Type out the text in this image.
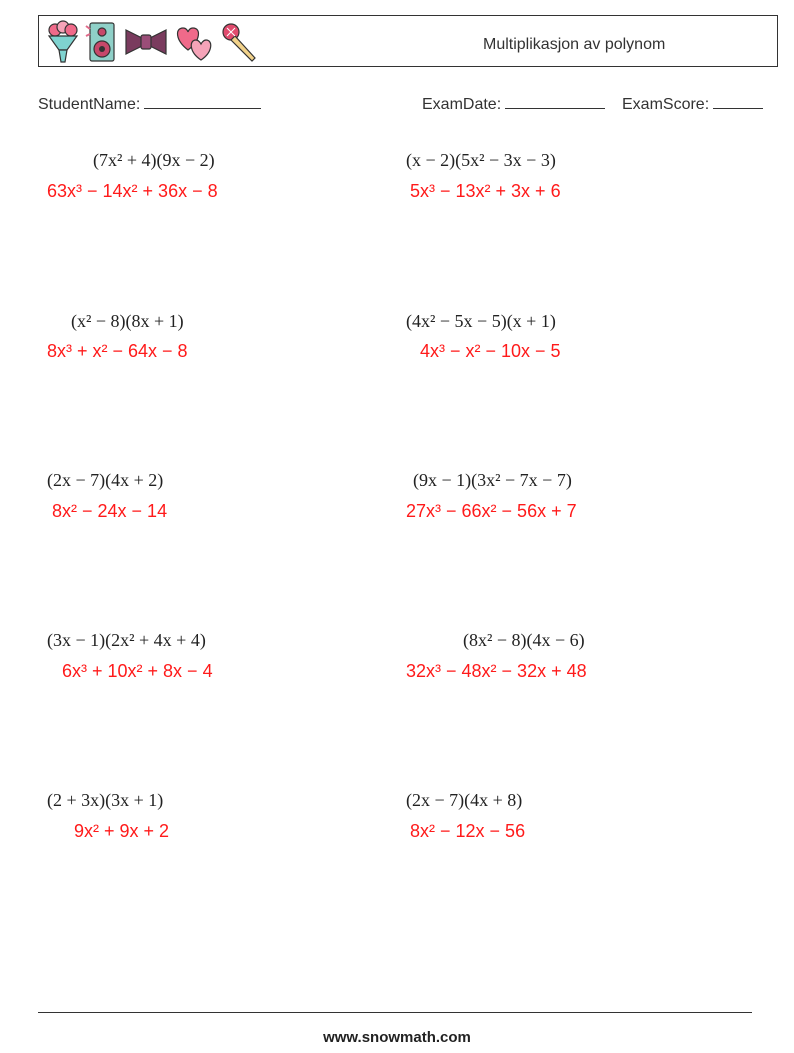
Multiplikasjon av polynom
StudentName:	ExamDate:	ExamScore:
(7x² + 4)(9x − 2)
63x³ − 14x² + 36x − 8
(x² − 8)(8x + 1)
8x³ + x² − 64x − 8
(2x − 7)(4x + 2)
8x² − 24x − 14
(3x − 1)(2x² + 4x + 4)
6x³ + 10x² + 8x − 4
(2 + 3x)(3x + 1)
9x² + 9x + 2
(x − 2)(5x² − 3x − 3)
5x³ − 13x² + 3x + 6
(4x² − 5x − 5)(x + 1)
4x³ − x² − 10x − 5
(9x − 1)(3x² − 7x − 7)
27x³ − 66x² − 56x + 7
(8x² − 8)(4x − 6)
32x³ − 48x² − 32x + 48
(2x − 7)(4x + 8)
8x² − 12x − 56
www.snowmath.com
